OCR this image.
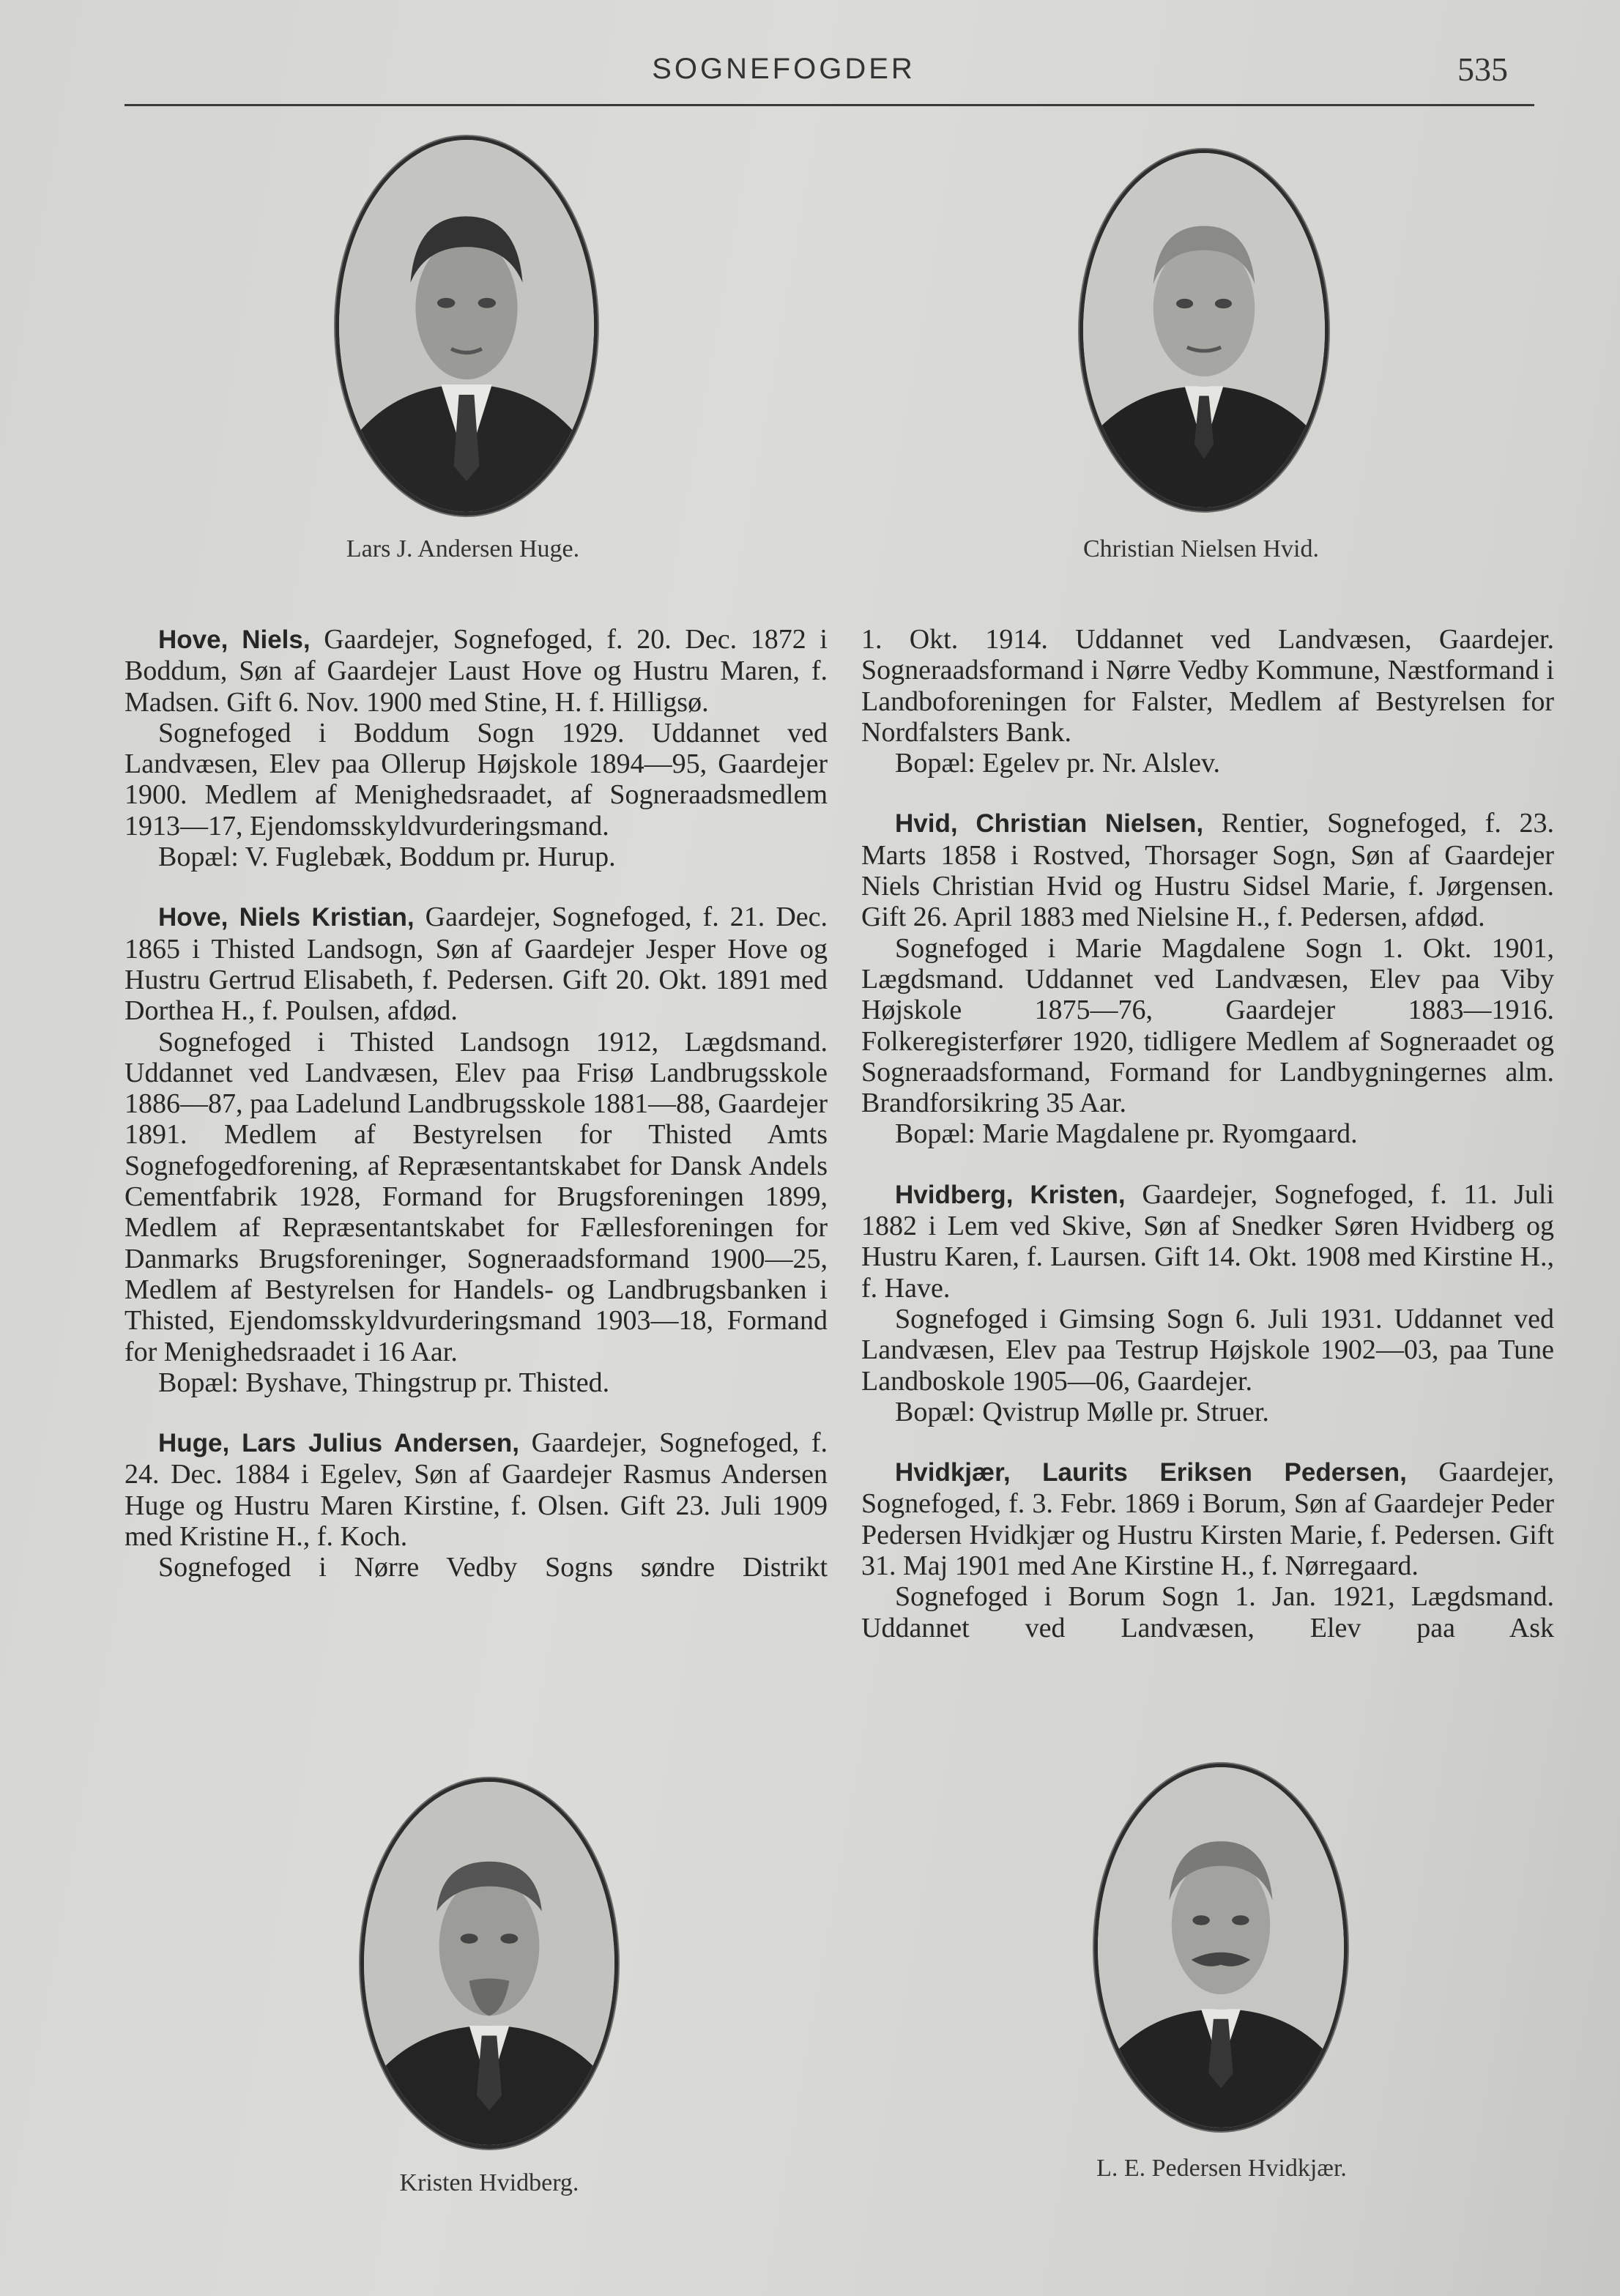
SOGNEFOGDER	535
Lars J. Andersen Huge.	Christian Nielsen Hvid.
Kristen Hvidberg.
L. E. Pedersen Hvidkjær.

Hove, Niels, Gaardejer, Sognefoged, f. 20. Dec. 1872 i Boddum, Søn af Gaardejer Laust Hove og Hustru Maren, f. Madsen. Gift 6. Nov. 1900 med Stine, H. f. Hilligsø.

Sognefoged i Boddum Sogn 1929. Uddannet ved Landvæsen, Elev paa Ollerup Højskole 1894—95, Gaardejer 1900. Medlem af Menighedsraadet, af Sogneraadsmedlem 1913—17, Ejendomsskyldvurderingsmand.

Bopæl: V. Fuglebæk, Boddum pr. Hurup.

Hove, Niels Kristian, Gaardejer, Sognefoged, f. 21. Dec. 1865 i Thisted Landsogn, Søn af Gaardejer Jesper Hove og Hustru Gertrud Elisabeth, f. Pedersen. Gift 20. Okt. 1891 med Dorthea H., f. Poulsen, afdød.

Sognefoged i Thisted Landsogn 1912, Lægdsmand. Uddannet ved Landvæsen, Elev paa Frisø Landbrugsskole 1886—87, paa Ladelund Landbrugsskole 1881—88, Gaardejer 1891. Medlem af Bestyrelsen for Thisted Amts Sognefogedforening, af Repræsentantskabet for Dansk Andels Cementfabrik 1928, Formand for Brugsforeningen 1899, Medlem af Repræsentantskabet for Fællesforeningen for Danmarks Brugsforeninger, Sogneraadsformand 1900—25, Medlem af Bestyrelsen for Handels- og Landbrugsbanken i Thisted, Ejendomsskyldvurderingsmand 1903—18, Formand for Menighedsraadet i 16 Aar.

Bopæl: Byshave, Thingstrup pr. Thisted.

Huge, Lars Julius Andersen, Gaardejer, Sognefoged, f. 24. Dec. 1884 i Egelev, Søn af Gaardejer Rasmus Andersen Huge og Hustru Maren Kirstine, f. Olsen. Gift 23. Juli 1909 med Kristine H., f. Koch.

Sognefoged i Nørre Vedby Sogns søndre Distrikt

1. Okt. 1914. Uddannet ved Landvæsen, Gaardejer. Sogneraadsformand i Nørre Vedby Kommune, Næstformand i Landboforeningen for Falster, Medlem af Bestyrelsen for Nordfalsters Bank.

Bopæl: Egelev pr. Nr. Alslev.

Hvid, Christian Nielsen, Rentier, Sognefoged, f. 23. Marts 1858 i Rostved, Thorsager Sogn, Søn af Gaardejer Niels Christian Hvid og Hustru Sidsel Marie, f. Jørgensen. Gift 26. April 1883 med Nielsine H., f. Pedersen, afdød.

Sognefoged i Marie Magdalene Sogn 1. Okt. 1901, Lægdsmand. Uddannet ved Landvæsen, Elev paa Viby Højskole 1875—76, Gaardejer 1883—1916. Folkeregisterfører 1920, tidligere Medlem af Sogneraadet og Sogneraadsformand, Formand for Landbygningernes alm. Brandforsikring 35 Aar.

Bopæl: Marie Magdalene pr. Ryomgaard.

Hvidberg, Kristen, Gaardejer, Sognefoged, f. 11. Juli 1882 i Lem ved Skive, Søn af Snedker Søren Hvidberg og Hustru Karen, f. Laursen. Gift 14. Okt. 1908 med Kirstine H., f. Have.

Sognefoged i Gimsing Sogn 6. Juli 1931. Uddannet ved Landvæsen, Elev paa Testrup Højskole 1902—03, paa Tune Landboskole 1905—06, Gaardejer.

Bopæl: Qvistrup Mølle pr. Struer.

Hvidkjær, Laurits Eriksen Pedersen, Gaardejer, Sognefoged, f. 3. Febr. 1869 i Borum, Søn af Gaardejer Peder Pedersen Hvidkjær og Hustru Kirsten Marie, f. Pedersen. Gift 31. Maj 1901 med Ane Kirstine H., f. Nørregaard.

Sognefoged i Borum Sogn 1. Jan. 1921, Lægdsmand. Uddannet ved Landvæsen, Elev paa Ask
